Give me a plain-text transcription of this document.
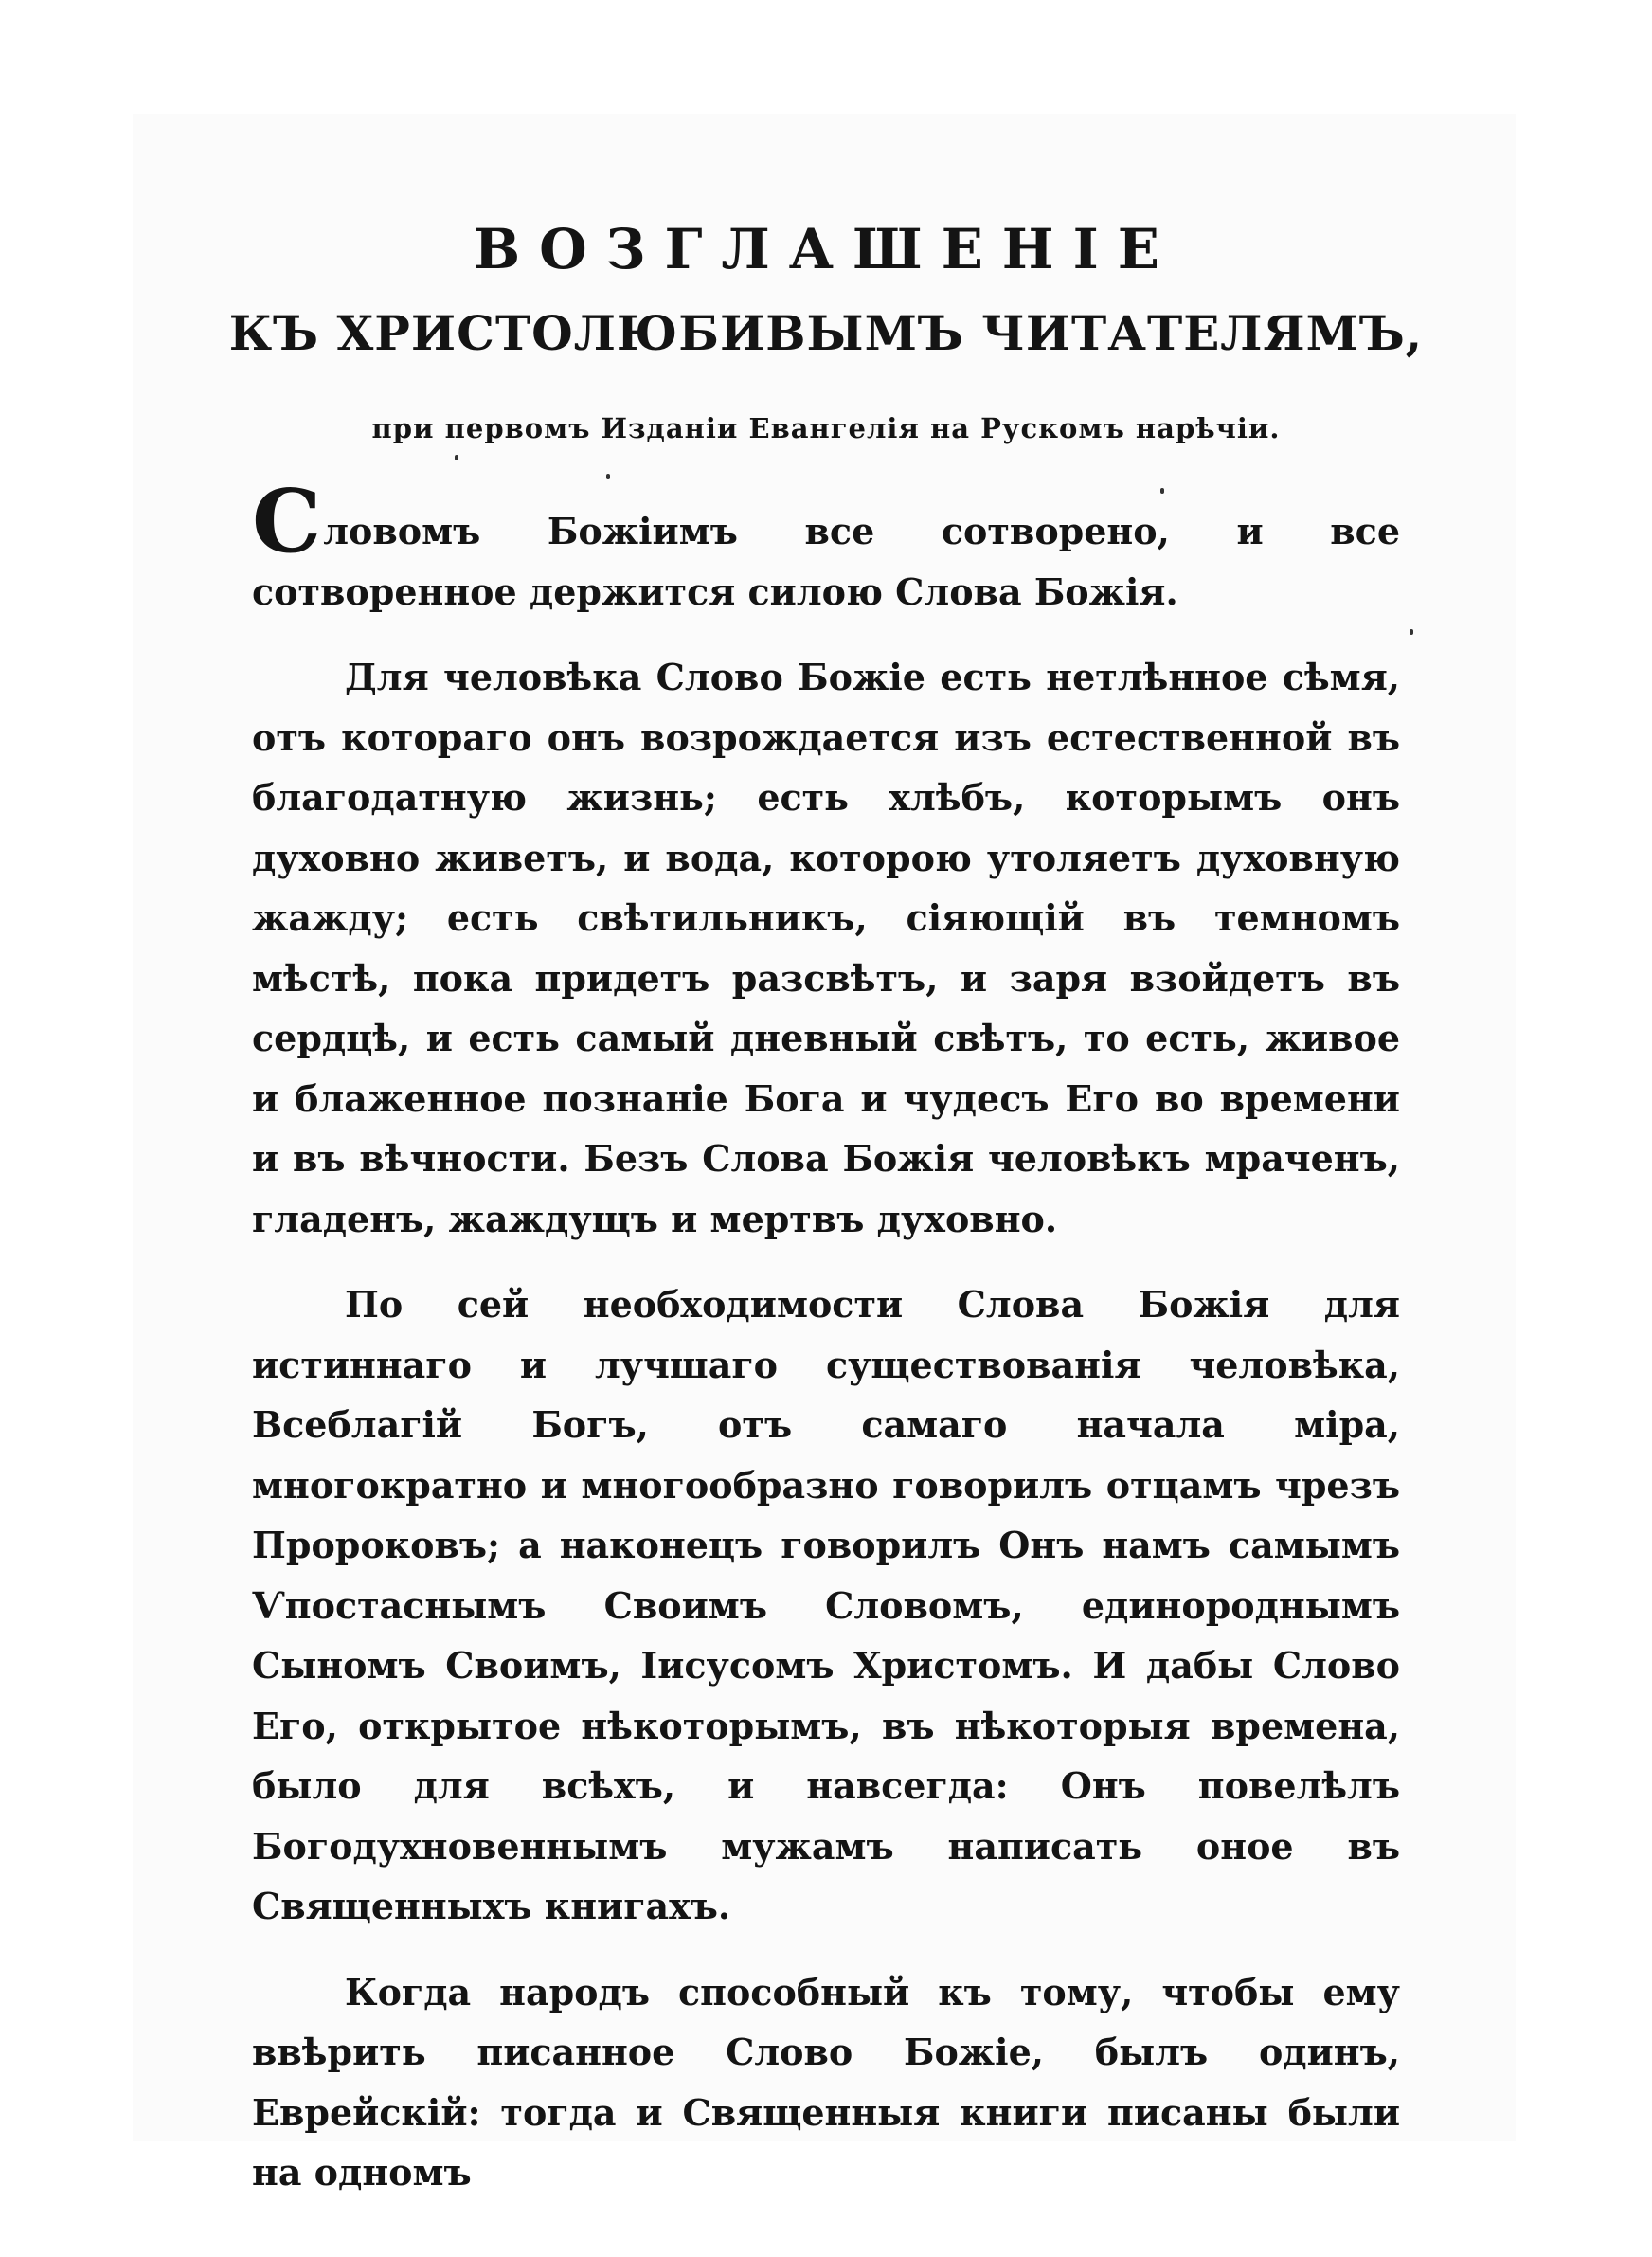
ВОЗГЛАШЕНІЕ
КЪ ХРИСТОЛЮБИВЫМЪ ЧИТАТЕЛЯМЪ,
при первомъ Изданіи Евангелія на Рускомъ нарѣчіи.

Словомъ Божіимъ все сотворено, и все сотворенное держится силою Слова Божія.

Для человѣка Слово Божіе есть нетлѣнное сѣмя, отъ котораго онъ возрождается изъ естественной въ благодатную жизнь; есть хлѣбъ, которымъ онъ духовно живетъ, и вода, которою утоляетъ духовную жажду; есть свѣтильникъ, сіяющій въ темномъ мѣстѣ, пока придетъ разсвѣтъ, и заря взойдетъ въ сердцѣ, и есть самый дневный свѣтъ, то есть, живое и блаженное познаніе Бога и чудесъ Его во времени и въ вѣчности. Безъ Слова Божія человѣкъ мраченъ, гладенъ, жаждущъ и мертвъ духовно.

По сей необходимости Слова Божія для истиннаго и лучшаго существованія человѣка, Всеблагій Богъ, отъ самаго начала міра, многократно и многообразно говорилъ отцамъ чрезъ Пророковъ; а наконецъ говорилъ Онъ намъ самымъ Ѵпостаснымъ Своимъ Словомъ, единороднымъ Сыномъ Своимъ, Іисусомъ Христомъ. И дабы Слово Его, открытое нѣкоторымъ, въ нѣкоторыя времена, было для всѣхъ, и навсегда: Онъ повелѣлъ Богодухновеннымъ мужамъ написать оное въ Священныхъ книгахъ.

Когда народъ способный къ тому, чтобы ему ввѣрить писанное Слово Божіе, былъ одинъ, Еврейскій: тогда и Священныя книги писаны были на одномъ
